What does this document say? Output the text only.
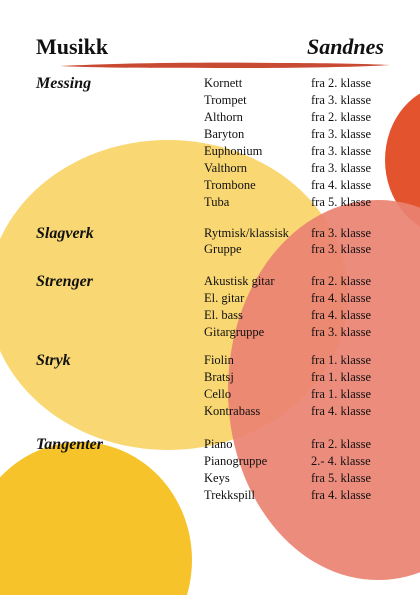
Musikk	Sandnes
Messing	Kornett	fra 2. klasse
Trompet	fra 3. klasse
Althorn	fra 2. klasse
Baryton	fra 3. klasse
Euphonium	fra 3. klasse
Valthorn	fra 3. klasse
Trombone	fra 4. klasse
Tuba	fra 5. klasse
Slagverk	Rytmisk/klassisk fra 3. klasse
Gruppe	fra 3. klasse
Strenger	Akustisk gitar	fra 2. klasse
El. gitar	fra 4. klasse
El. bass	fra 4. klasse
Gitargruppe	fra 3. klasse
Stryk	Fiolin	fra 1. klasse
Bratsj	fra 1. klasse
Cello	fra 1. klasse
Kontrabass	fra 4. klasse
Tangenter	Piano	fra 2. klasse
Pianogruppe	2.- 4. klasse
Keys	fra 5. klasse
Trekkspill	fra 4. klasse
